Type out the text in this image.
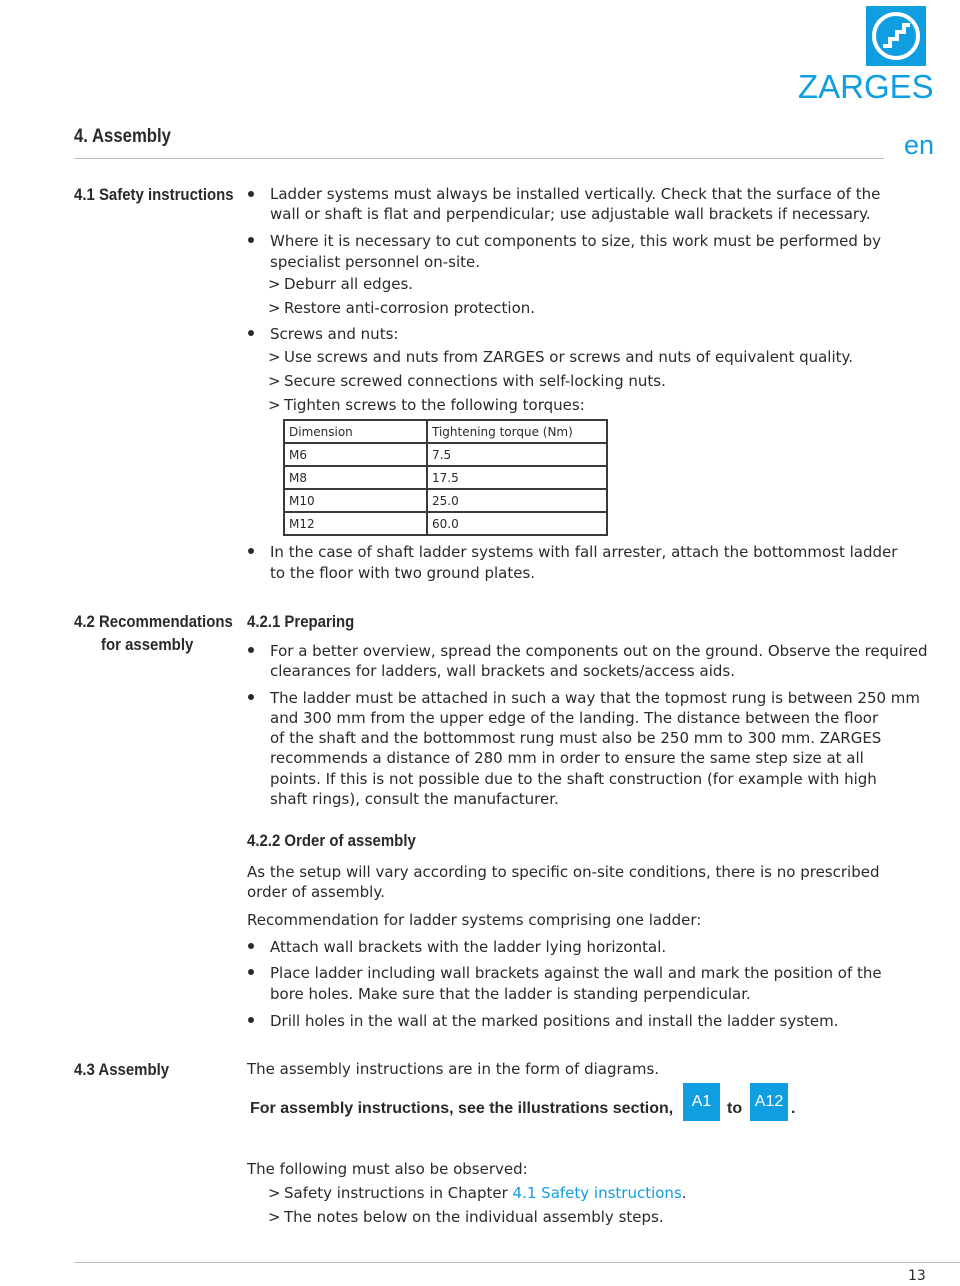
ZARGES
4. Assembly	en
4.1 Safety instructions Ladder systems must always be installed vertically. Check that the surface of the
wall or shaft is flat and perpendicular; use adjustable wall brackets if necessary.
Where it is necessary to cut components to size, this work must be performed by
specialist personnel on-site.
> Deburr all edges.
> Restore anti-corrosion protection.
Screws and nuts:
> Use screws and nuts from ZARGES or screws and nuts of equivalent quality.
> Secure screwed connections with self-locking nuts.
> Tighten screws to the following torques:
Dimension	Tightening torque (Nm)
M6	7.5
M8	17.5
M10	25.0
M12	60.0
In the case of shaft ladder systems with fall arrester, attach the bottommost ladder
to the floor with two ground plates.
4.2 Recommendations
for assembly
4.2.1 Preparing
For a better overview, spread the components out on the ground. Observe the required
clearances for ladders, wall brackets and sockets/access aids.
The ladder must be attached in such a way that the topmost rung is between 250 mm
and 300 mm from the upper edge of the landing. The distance between the floor
of the shaft and the bottommost rung must also be 250 mm to 300 mm. ZARGES
recommends a distance of 280 mm in order to ensure the same step size at all
points. If this is not possible due to the shaft construction (for example with high
shaft rings), consult the manufacturer.
4.2.2 Order of assembly
As the setup will vary according to specific on-site conditions, there is no prescribed
order of assembly.
Recommendation for ladder systems comprising one ladder:
Attach wall brackets with the ladder lying horizontal.
Place ladder including wall brackets against the wall and mark the position of the
bore holes. Make sure that the ladder is standing perpendicular.
Drill holes in the wall at the marked positions and install the ladder system.
4.3 Assembly	The assembly instructions are in the form of diagrams.
For assembly instructions, see the illustrations section,	A1 to A12 .
The following must also be observed:
> Safety instructions in Chapter 4.1 Safety instructions.
> The notes below on the individual assembly steps.
13
